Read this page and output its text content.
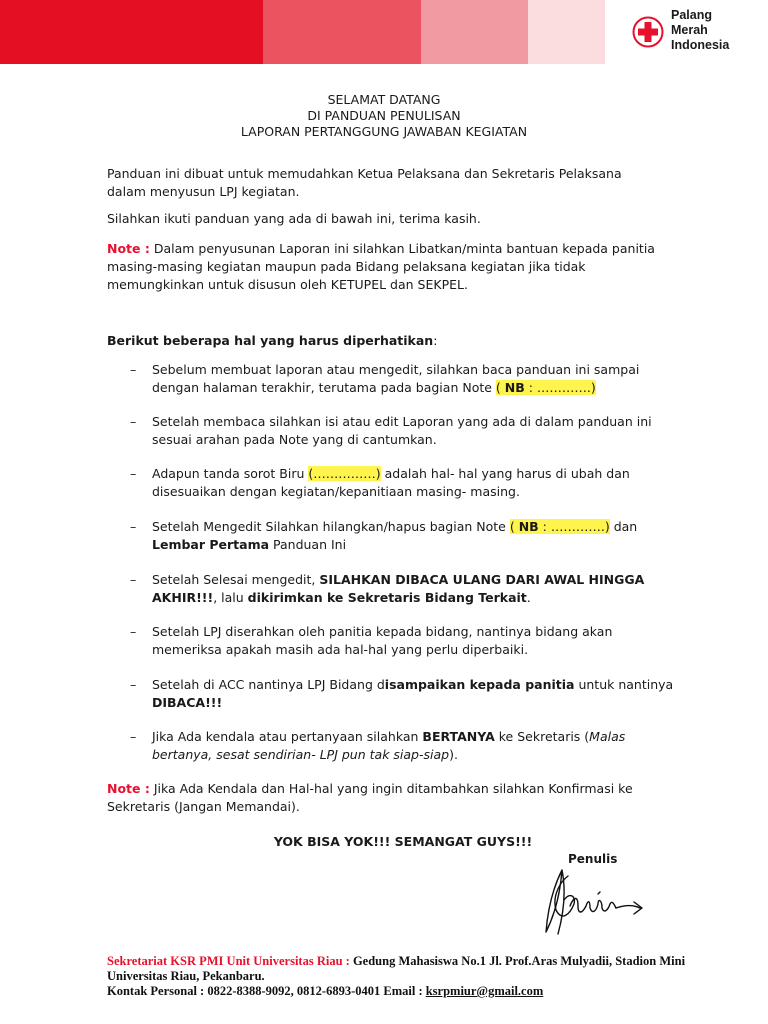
Palang
Merah
Indonesia
SELAMAT DATANG
DI PANDUAN PENULISAN
LAPORAN PERTANGGUNG JAWABAN KEGIATAN
Panduan ini dibuat untuk memudahkan Ketua Pelaksana dan Sekretaris Pelaksana
dalam menyusun LPJ kegiatan.
Silahkan ikuti panduan yang ada di bawah ini, terima kasih.
Note : Dalam penyusunan Laporan ini silahkan Libatkan/minta bantuan kepada panitia
masing-masing kegiatan maupun pada Bidang pelaksana kegiatan jika tidak
memungkinkan untuk disusun oleh KETUPEL dan SEKPEL.
Berikut beberapa hal yang harus diperhatikan:
– Sebelum membuat laporan atau mengedit, silahkan baca panduan ini sampai
dengan halaman terakhir, terutama pada bagian Note ( NB : ………….)
– Setelah membaca silahkan isi atau edit Laporan yang ada di dalam panduan ini
sesuai arahan pada Note yang di cantumkan.
– Adapun tanda sorot Biru (……………) adalah hal- hal yang harus di ubah dan
disesuaikan dengan kegiatan/kepanitiaan masing- masing.
– Setelah Mengedit Silahkan hilangkan/hapus bagian Note ( NB : ………….) dan
Lembar Pertama Panduan Ini
– Setelah Selesai mengedit, SILAHKAN DIBACA ULANG DARI AWAL HINGGA
AKHIR!!!, lalu dikirimkan ke Sekretaris Bidang Terkait.
– Setelah LPJ diserahkan oleh panitia kepada bidang, nantinya bidang akan
memeriksa apakah masih ada hal-hal yang perlu diperbaiki.
– Setelah di ACC nantinya LPJ Bidang disampaikan kepada panitia untuk nantinya
DIBACA!!!
– Jika Ada kendala atau pertanyaan silahkan BERTANYA ke Sekretaris (Malas
bertanya, sesat sendirian- LPJ pun tak siap-siap).
Note : Jika Ada Kendala dan Hal-hal yang ingin ditambahkan silahkan Konfirmasi ke
Sekretaris (Jangan Memandai).
YOK BISA YOK!!! SEMANGAT GUYS!!!
Penulis
Sekretariat KSR PMI Unit Universitas Riau : Gedung Mahasiswa No.1 Jl. Prof.Aras Mulyadii, Stadion Mini
Universitas Riau, Pekanbaru.
Kontak Personal : 0822-8388-9092, 0812-6893-0401 Email : ksrpmiur@gmail.com
